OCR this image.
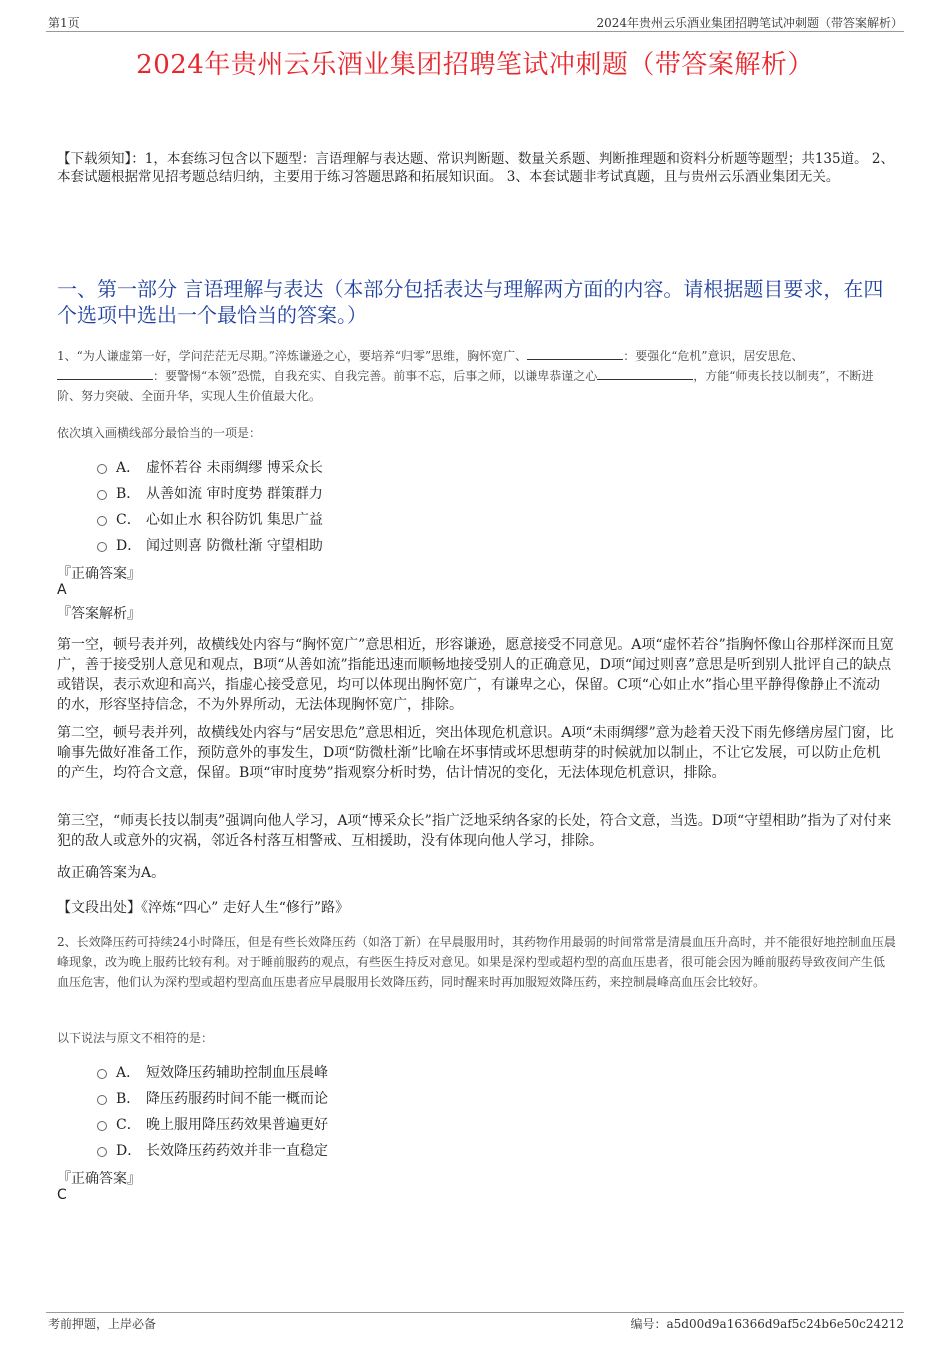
第1页	2024年贵州云乐酒业集团招聘笔试冲刺题（带答案解析）
2024年贵州云乐酒业集团招聘笔试冲刺题（带答案解析）
【下载须知】：1，本套练习包含以下题型：言语理解与表达题、常识判断题、数量关系题、判断推理题和资料分析题等题型；共135道。 2、本套试题根据常见招考题总结归纳，主要用于练习答题思路和拓展知识面。 3、本套试题非考试真题，且与贵州云乐酒业集团无关。
一、第一部分 言语理解与表达（本部分包括表达与理解两方面的内容。请根据题目要求，在四个选项中选出一个最恰当的答案。）
1、“为人谦虚第一好，学问茫茫无尽期。”淬炼谦逊之心，要培养“归零”思维，胸怀宽广、	：要强化“危机”意识，居安思危、：要警惕“本领”恐慌，自我充实、自我完善。前事不忘，后事之师，以谦卑恭谨之心	，方能“师夷长技以制夷”，不断进阶、努力突破、全面升华，实现人生价值最大化。
依次填入画横线部分最恰当的一项是：
A． 虚怀若谷 未雨绸缪 博采众长
B． 从善如流 审时度势 群策群力
C． 心如止水 积谷防饥 集思广益
D． 闻过则喜 防微杜渐 守望相助
『正确答案』
A
『答案解析』
第一空，顿号表并列，故横线处内容与“胸怀宽广”意思相近，形容谦逊，愿意接受不同意见。A项“虚怀若谷”指胸怀像山谷那样深而且宽广，善于接受别人意见和观点，B项“从善如流”指能迅速而顺畅地接受别人的正确意见，D项“闻过则喜”意思是听到别人批评自己的缺点或错误，表示欢迎和高兴，指虚心接受意见，均可以体现出胸怀宽广，有谦卑之心，保留。C项“心如止水”指心里平静得像静止不流动的水，形容坚持信念，不为外界所动，无法体现胸怀宽广，排除。
第二空，顿号表并列，故横线处内容与“居安思危”意思相近，突出体现危机意识。A项“未雨绸缪”意为趁着天没下雨先修缮房屋门窗，比喻事先做好准备工作，预防意外的事发生，D项“防微杜渐”比喻在坏事情或坏思想萌芽的时候就加以制止，不让它发展，可以防止危机的产生，均符合文意，保留。B项“审时度势”指观察分析时势，估计情况的变化，无法体现危机意识，排除。
第三空，“师夷长技以制夷”强调向他人学习，A项“博采众长”指广泛地采纳各家的长处，符合文意，当选。D项“守望相助”指为了对付来犯的敌人或意外的灾祸，邻近各村落互相警戒、互相援助，没有体现向他人学习，排除。
故正确答案为A。
【文段出处】《淬炼“四心” 走好人生“修行”路》
2、长效降压药可持续24小时降压，但是有些长效降压药（如洛丁新）在早晨服用时，其药物作用最弱的时间常常是清晨血压升高时，并不能很好地控制血压晨峰现象，改为晚上服药比较有利。对于睡前服药的观点，有些医生持反对意见。如果是深杓型或超杓型的高血压患者，很可能会因为睡前服药导致夜间产生低血压危害，他们认为深杓型或超杓型高血压患者应早晨服用长效降压药，同时醒来时再加服短效降压药，来控制晨峰高血压会比较好。
以下说法与原文不相符的是：
A． 短效降压药辅助控制血压晨峰
B． 降压药服药时间不能一概而论
C． 晚上服用降压药效果普遍更好
D． 长效降压药药效并非一直稳定
『正确答案』
C
考前押题，上岸必备	编号：a5d00d9a16366d9af5c24b6e50c24212
